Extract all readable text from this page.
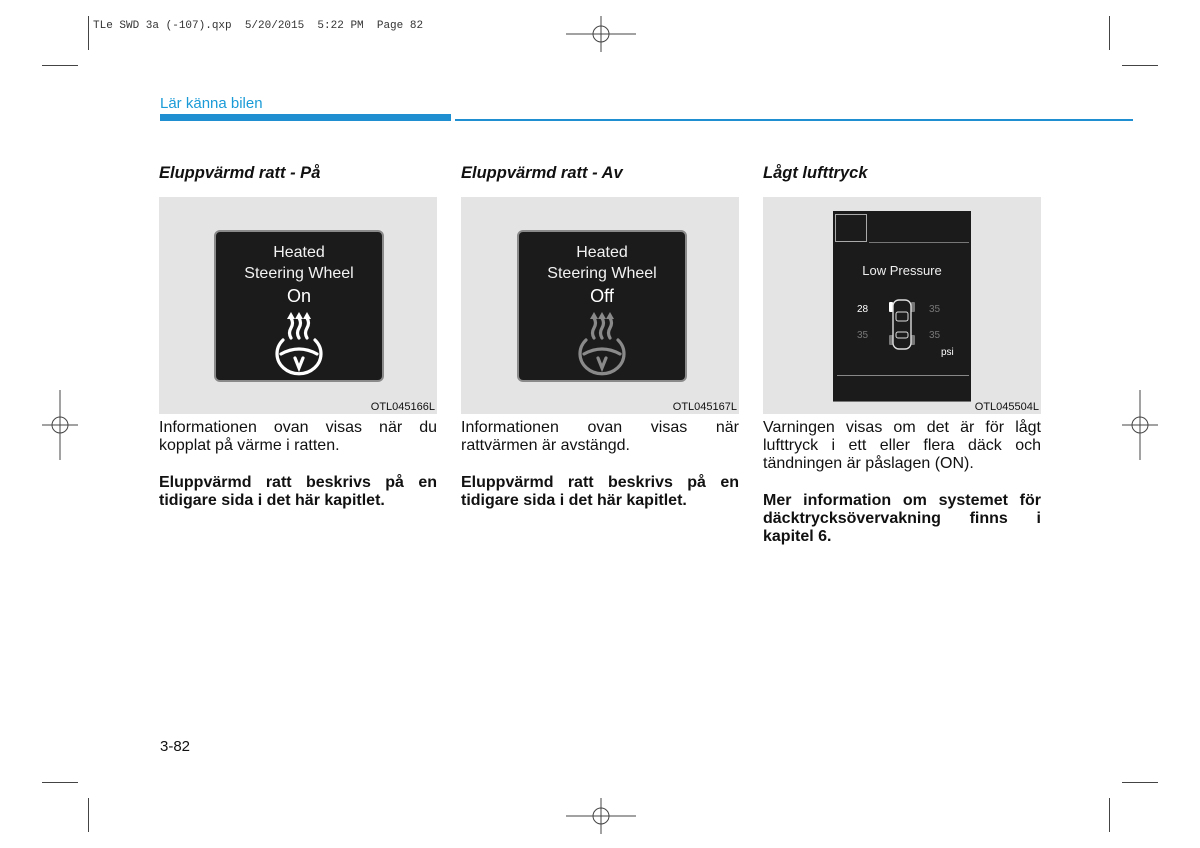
TLe SWD 3a (-107).qxp  5/20/2015  5:22 PM  Page 82
Lär känna bilen
Eluppvärmd ratt - På
Heated
Steering Wheel
On
OTL045166L
Informationen ovan visas när du kopplat på värme i ratten.
Eluppvärmd ratt beskrivs på en tidigare sida i det här kapitlet.
Eluppvärmd ratt - Av
Heated
Steering Wheel
Off
OTL045167L
Informationen ovan visas när rattvärmen är avstängd.
Eluppvärmd ratt beskrivs på en tidigare sida i det här kapitlet.
Lågt lufttryck
Low Pressure
28	35
35	35
psi
OTL045504L
Varningen visas om det är för lågt lufttryck i ett eller flera däck och tändningen är påslagen (ON).
Mer information om systemet för däcktrycksövervakning finns i kapitel 6.
3-82
